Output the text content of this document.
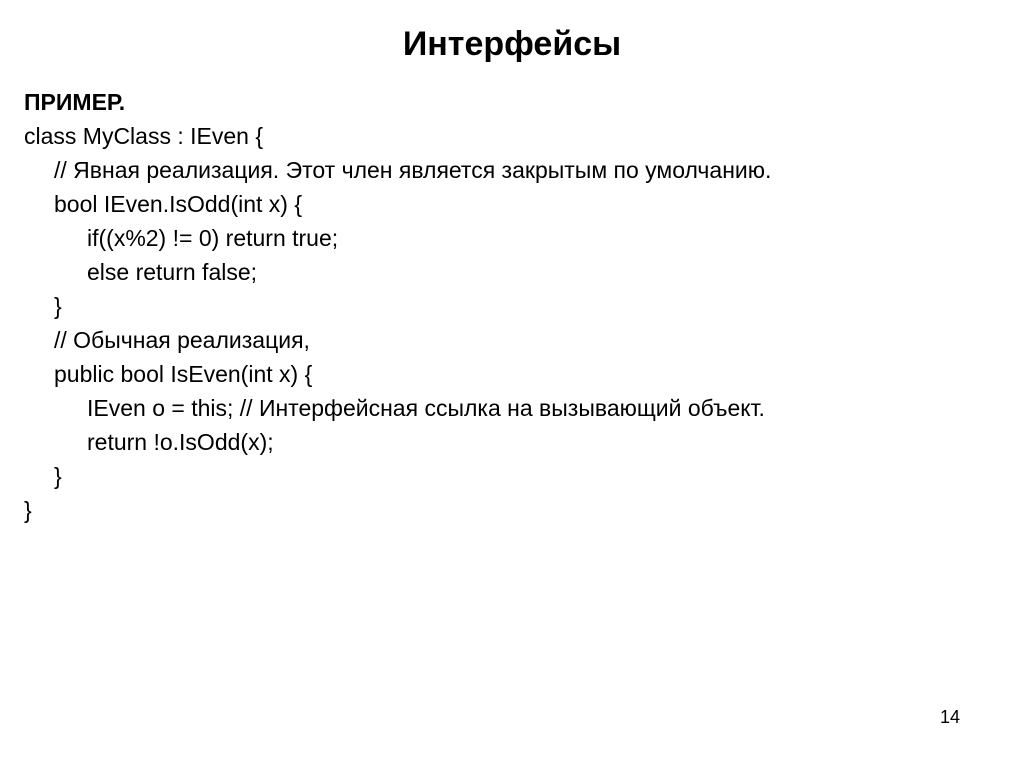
Интерфейсы
ПРИМЕР.
class MyClass : IEven {
// Явная реализация. Этот член является закрытым по умолчанию.
bool IEven.IsOdd(int x) {
if((x%2) != 0) return true;
else return false;
}
// Обычная реализация,
public bool IsEven(int x) {
IEven o = this; // Интерфейсная ссылка на вызывающий объект.
return !o.IsOdd(x);
}
}
14
